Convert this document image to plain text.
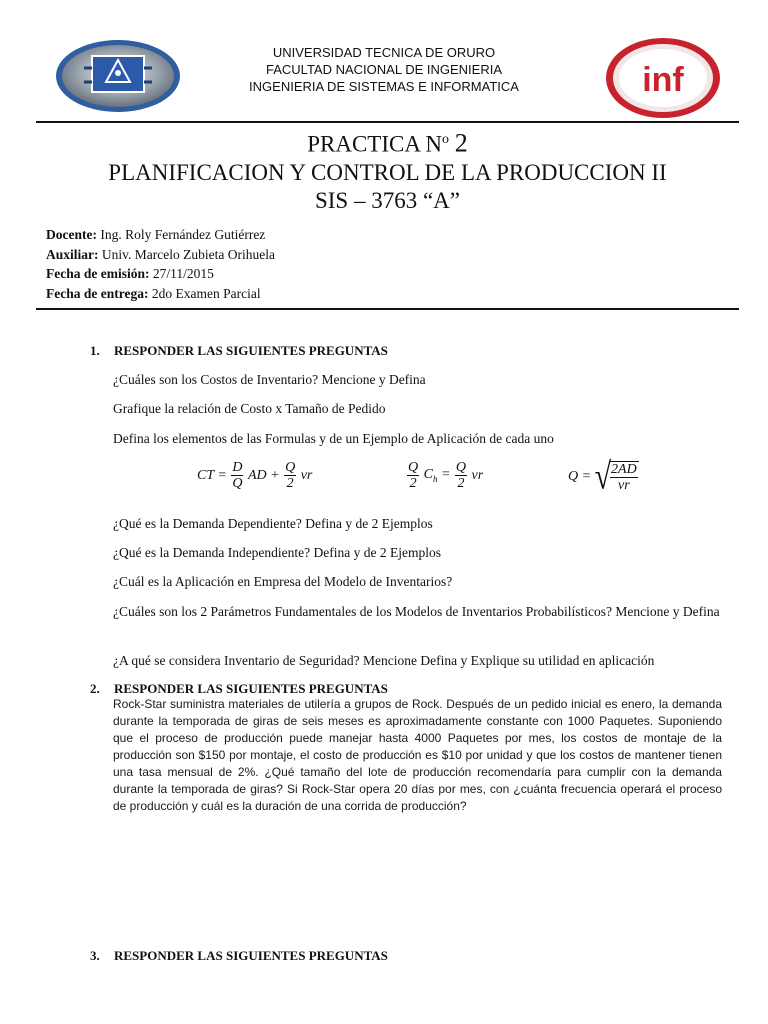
UNIVERSIDAD TECNICA DE ORURO
FACULTAD NACIONAL DE INGENIERIA
INGENIERIA DE SISTEMAS E INFORMATICA	inf
PRACTICA $N^o$ 2
PLANIFICACION Y CONTROL DE LA PRODUCCION II
SIS – 3763 “A”
Docente: Ing. Roly Fernández Gutiérrez
Auxiliar: Univ. Marcelo Zubieta Orihuela
Fecha de emisión: 27/11/2015
Fecha de entrega: 2do Examen Parcial
1. RESPONDER LAS SIGUIENTES PREGUNTAS
¿Cuáles son los Costos de Inventario? Mencione y Defina
Grafique la relación de Costo x Tamaño de Pedido
Defina los elementos de las Formulas y de un Ejemplo de Aplicación de cada uno
CT = $\frac{D}{Q}$ AD + $\frac{Q}{2}$ vr	$\frac{Q}{2} C_h = \frac{Q}{2}$ vr	Q = √ $\frac{2AD}{vr}$
¿Qué es la Demanda Dependiente? Defina y de 2 Ejemplos
¿Qué es la Demanda Independiente? Defina y de 2 Ejemplos
¿Cuál es la Aplicación en Empresa del Modelo de Inventarios?
¿Cuáles son los 2 Parámetros Fundamentales de los Modelos de Inventarios Probabilísticos? Mencione y Defina
¿A qué se considera Inventario de Seguridad? Mencione Defina y Explique su utilidad en aplicación
2. RESPONDER LAS SIGUIENTES PREGUNTAS
Rock-Star suministra materiales de utilería a grupos de Rock. Después de un pedido inicial es enero, la demanda durante la temporada de giras de seis meses es aproximadamente constante con 1000 Paquetes. Suponiendo que el proceso de producción puede manejar hasta 4000 Paquetes por mes, los costos de montaje de la producción son $150 por montaje, el costo de producción es $10 por unidad y que los costos de mantener tienen una tasa mensual de 2%. ¿Qué tamaño del lote de producción recomendaría para cumplir con la demanda durante la temporada de giras? Si Rock-Star opera 20 días por mes, con ¿cuánta frecuencia operará el proceso de producción y cuál es la duración de una corrida de producción?
3. RESPONDER LAS SIGUIENTES PREGUNTAS
